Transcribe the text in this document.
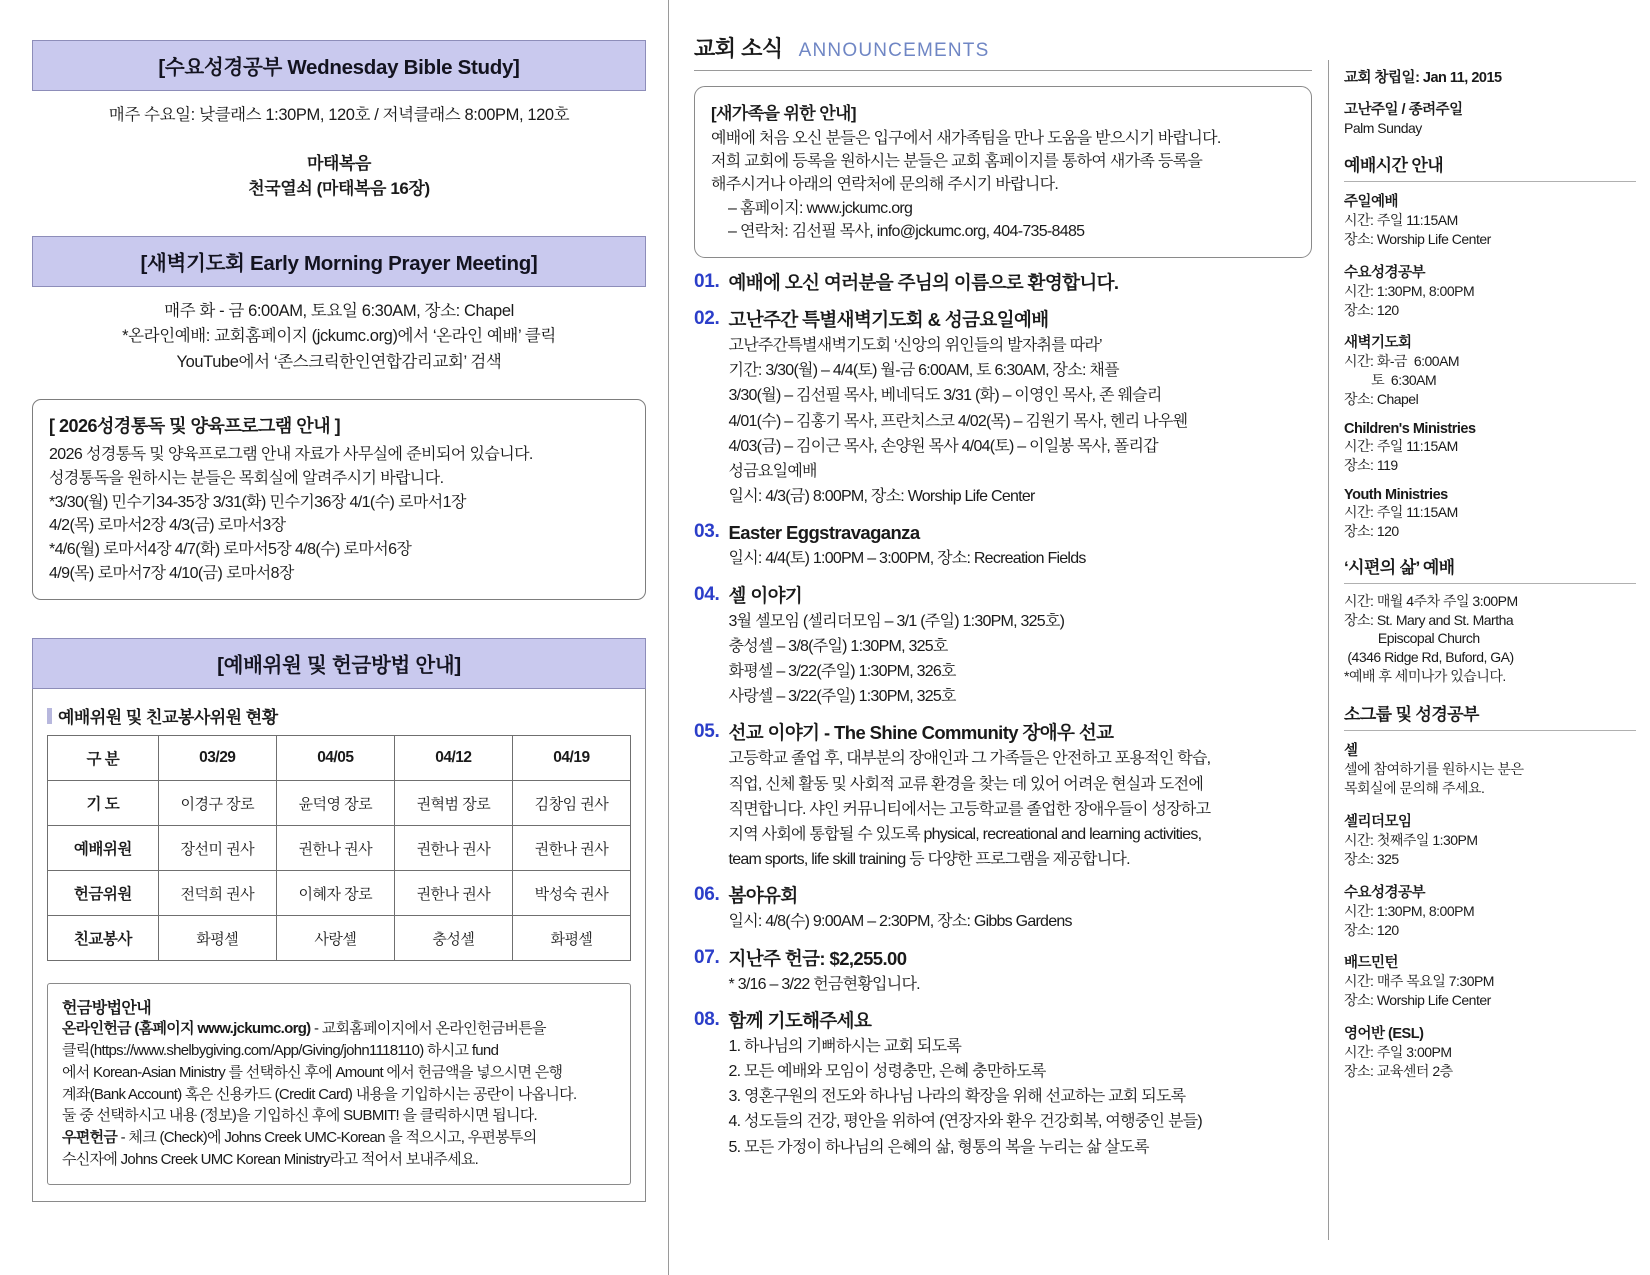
[수요성경공부 Wednesday Bible Study]
매주 수요일: 낮클래스 1:30PM, 120호 / 저녁클래스 8:00PM, 120호
마태복음
천국열쇠 (마태복음 16장)
[새벽기도회 Early Morning Prayer Meeting]
매주 화 - 금 6:00AM, 토요일 6:30AM, 장소: Chapel
*온라인예배: 교회홈페이지 (jckumc.org)에서 ‘온라인 예배’ 클릭
YouTube에서 ‘존스크릭한인연합감리교회’ 검색
[ 2026성경통독 및 양육프로그램 안내 ]

2026 성경통독 및 양육프로그램 안내 자료가 사무실에 준비되어 있습니다.

성경통독을 원하시는 분들은 목회실에 알려주시기 바랍니다.

*3/30(월) 민수기34-35장 3/31(화) 민수기36장 4/1(수) 로마서1장

4/2(목) 로마서2장 4/3(금) 로마서3장

*4/6(월) 로마서4장 4/7(화) 로마서5장 4/8(수) 로마서6장

4/9(목) 로마서7장 4/10(금) 로마서8장

[예배위원 및 헌금방법 안내]
예배위원 및 친교봉사위원 현황
구 분	03/29	04/05	04/12	04/19
기 도	이경구 장로	윤덕영 장로	권혁범 장로	김창임 권사
예배위원	장선미 권사	권한나 권사	권한나 권사	권한나 권사
헌금위원	전덕희 권사	이혜자 장로	권한나 권사	박성숙 권사
친교봉사	화평셀	사랑셀	충성셀	화평셀
헌금방법안내

온라인헌금 (홈페이지 www.jckumc.org) - 교회홈페이지에서 온라인헌금버튼을

클릭(https://www.shelbygiving.com/App/Giving/john1118110) 하시고 fund

에서 Korean-Asian Ministry 를 선택하신 후에 Amount 에서 헌금액을 넣으시면 은행

계좌(Bank Account) 혹은 신용카드 (Credit Card) 내용을 기입하시는 공란이 나옵니다.

둘 중 선택하시고 내용 (정보)을 기입하신 후에 SUBMIT! 을 클릭하시면 됩니다.

우편헌금 - 체크 (Check)에 Johns Creek UMC-Korean 을 적으시고, 우편봉투의

수신자에 Johns Creek UMC Korean Ministry라고 적어서 보내주세요.

교회 소식 ANNOUNCEMENTS
[새가족을 위한 안내]

예배에 처음 오신 분들은 입구에서 새가족팀을 만나 도움을 받으시기 바랍니다.

저희 교회에 등록을 원하시는 분들은 교회 홈페이지를 통하여 새가족 등록을

해주시거나 아래의 연락처에 문의해 주시기 바랍니다.

– 홈페이지: www.jckumc.org

– 연락처: 김선필 목사, info@jckumc.org, 404-735-8485

01. 예배에 오신 여러분을 주님의 이름으로 환영합니다.
02. 고난주간 특별새벽기도회 & 성금요일예배
고난주간특별새벽기도회 ‘신앙의 위인들의 발자취를 따라’
기간: 3/30(월) – 4/4(토) 월-금 6:00AM, 토 6:30AM, 장소: 채플
3/30(월) – 김선필 목사, 베네딕도 3/31 (화) – 이영인 목사, 존 웨슬리
4/01(수) – 김홍기 목사, 프란치스코 4/02(목) – 김원기 목사, 헨리 나우웬
4/03(금) – 김이근 목사, 손양원 목사 4/04(토) – 이일봉 목사, 폴리갑
성금요일예배
일시: 4/3(금) 8:00PM, 장소: Worship Life Center
03. Easter Eggstravaganza
일시: 4/4(토) 1:00PM – 3:00PM, 장소: Recreation Fields
04. 셀 이야기
3월 셀모임 (셀리더모임 – 3/1 (주일) 1:30PM, 325호)
충성셀 – 3/8(주일) 1:30PM, 325호
화평셀 – 3/22(주일) 1:30PM, 326호
사랑셀 – 3/22(주일) 1:30PM, 325호
05. 선교 이야기 - The Shine Community 장애우 선교
고등학교 졸업 후, 대부분의 장애인과 그 가족들은 안전하고 포용적인 학습,
직업, 신체 활동 및 사회적 교류 환경을 찾는 데 있어 어려운 현실과 도전에
직면합니다. 샤인 커뮤니티에서는 고등학교를 졸업한 장애우들이 성장하고
지역 사회에 통합될 수 있도록 physical, recreational and learning activities,
team sports, life skill training 등 다양한 프로그램을 제공합니다.
06. 봄야유회
일시: 4/8(수) 9:00AM – 2:30PM, 장소: Gibbs Gardens
07. 지난주 헌금: $2,255.00
* 3/16 – 3/22 헌금현황입니다.
08. 함께 기도해주세요
1. 하나님의 기뻐하시는 교회 되도록
2. 모든 예배와 모임이 성령충만, 은혜 충만하도록
3. 영혼구원의 전도와 하나님 나라의 확장을 위해 선교하는 교회 되도록
4. 성도들의 건강, 평안을 위하여 (연장자와 환우 건강회복, 여행중인 분들)
5. 모든 가정이 하나님의 은혜의 삶, 형통의 복을 누리는 삶 살도록
교회 창립일: Jan 11, 2015
고난주일 / 종려주일
Palm Sunday
예배시간 안내
주일예배
시간: 주일 11:15AM
장소: Worship Life Center
수요성경공부
시간: 1:30PM, 8:00PM
장소: 120
새벽기도회
시간: 화-금  6:00AM
토  6:30AM
장소: Chapel
Children's Ministries
시간: 주일 11:15AM
장소: 119
Youth Ministries
시간: 주일 11:15AM
장소: 120
‘시편의 삶’ 예배
시간: 매월 4주차 주일 3:00PM
장소: St. Mary and St. Martha
Episcopal Church
(4346 Ridge Rd, Buford, GA)
*예배 후 세미나가 있습니다.
소그룹 및 성경공부
셀
셀에 참여하기를 원하시는 분은
목회실에 문의해 주세요.
셀리더모임
시간: 첫째주일 1:30PM
장소: 325
수요성경공부
시간: 1:30PM, 8:00PM
장소: 120
배드민턴
시간: 매주 목요일 7:30PM
장소: Worship Life Center
영어반 (ESL)
시간: 주일 3:00PM
장소: 교육센터 2층
